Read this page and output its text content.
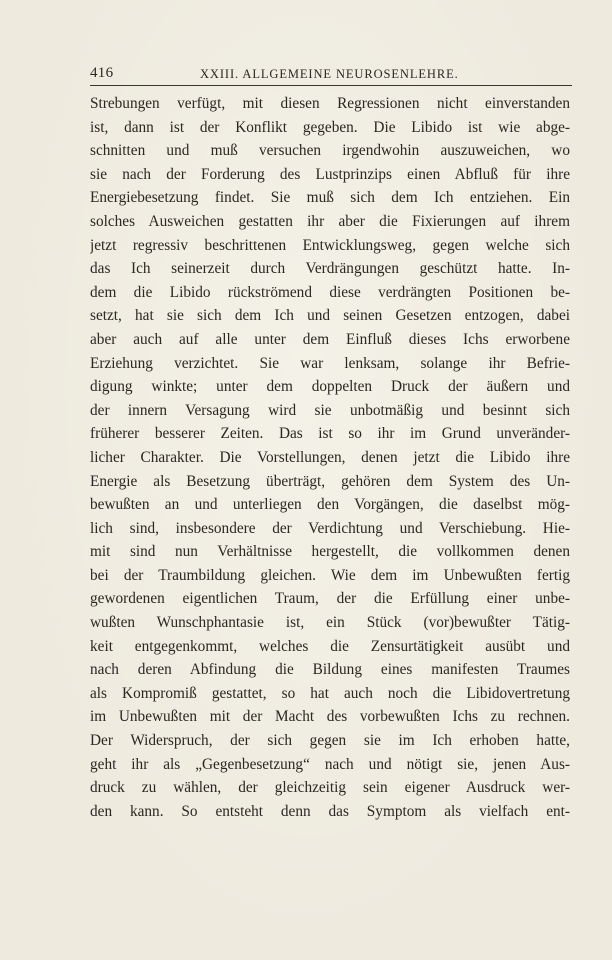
416	XXIII. ALLGEMEINE NEUROSENLEHRE.
Strebungen verfügt, mit diesen Regressionen nicht einverstanden
ist, dann ist der Konflikt gegeben. Die Libido ist wie abge-
schnitten und muß versuchen irgendwohin auszuweichen, wo
sie nach der Forderung des Lustprinzips einen Abfluß für ihre
Energiebesetzung findet. Sie muß sich dem Ich entziehen. Ein
solches Ausweichen gestatten ihr aber die Fixierungen auf ihrem
jetzt regressiv beschrittenen Entwicklungsweg, gegen welche sich
das Ich seinerzeit durch Verdrängungen geschützt hatte. In-
dem die Libido rückströmend diese verdrängten Positionen be-
setzt, hat sie sich dem Ich und seinen Gesetzen entzogen, dabei
aber auch auf alle unter dem Einfluß dieses Ichs erworbene
Erziehung verzichtet. Sie war lenksam, solange ihr Befrie-
digung winkte; unter dem doppelten Druck der äußern und
der innern Versagung wird sie unbotmäßig und besinnt sich
früherer besserer Zeiten. Das ist so ihr im Grund unveränder-
licher Charakter. Die Vorstellungen, denen jetzt die Libido ihre
Energie als Besetzung überträgt, gehören dem System des Un-
bewußten an und unterliegen den Vorgängen, die daselbst mög-
lich sind, insbesondere der Verdichtung und Verschiebung. Hie-
mit sind nun Verhältnisse hergestellt, die vollkommen denen
bei der Traumbildung gleichen. Wie dem im Unbewußten fertig
gewordenen eigentlichen Traum, der die Erfüllung einer unbe-
wußten Wunschphantasie ist, ein Stück (vor)bewußter Tätig-
keit entgegenkommt, welches die Zensurtätigkeit ausübt und
nach deren Abfindung die Bildung eines manifesten Traumes
als Kompromiß gestattet, so hat auch noch die Libidovertretung
im Unbewußten mit der Macht des vorbewußten Ichs zu rechnen.
Der Widerspruch, der sich gegen sie im Ich erhoben hatte,
geht ihr als „Gegenbesetzung“ nach und nötigt sie, jenen Aus-
druck zu wählen, der gleichzeitig sein eigener Ausdruck wer-
den kann. So entsteht denn das Symptom als vielfach ent-
